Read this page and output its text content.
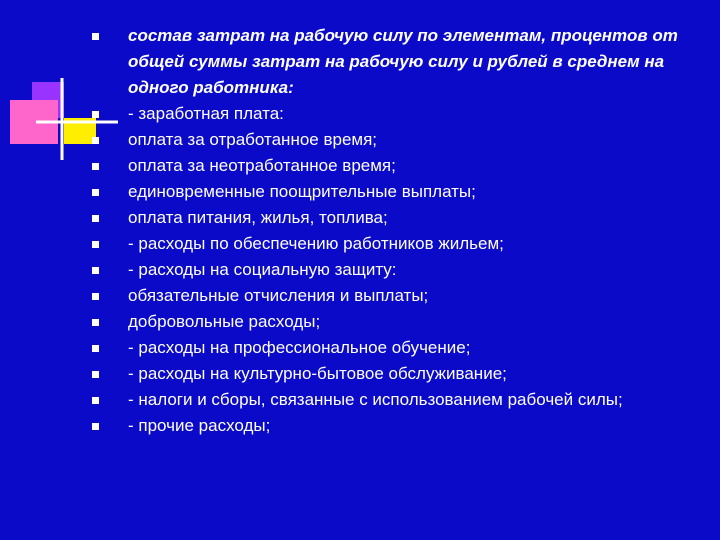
состав затрат на рабочую силу по элементам, процентов от общей суммы затрат на рабочую силу и рублей в среднем на одного работника:
- заработная плата:
оплата за отработанное время;
оплата за неотработанное время;
единовременные поощрительные выплаты;
оплата питания, жилья, топлива;
- расходы по обеспечению работников жильем;
- расходы на социальную защиту:
обязательные отчисления и выплаты;
добровольные расходы;
- расходы на профессиональное обучение;
- расходы на культурно-бытовое обслуживание;
- налоги и сборы, связанные с использованием рабочей силы;
- прочие расходы;
